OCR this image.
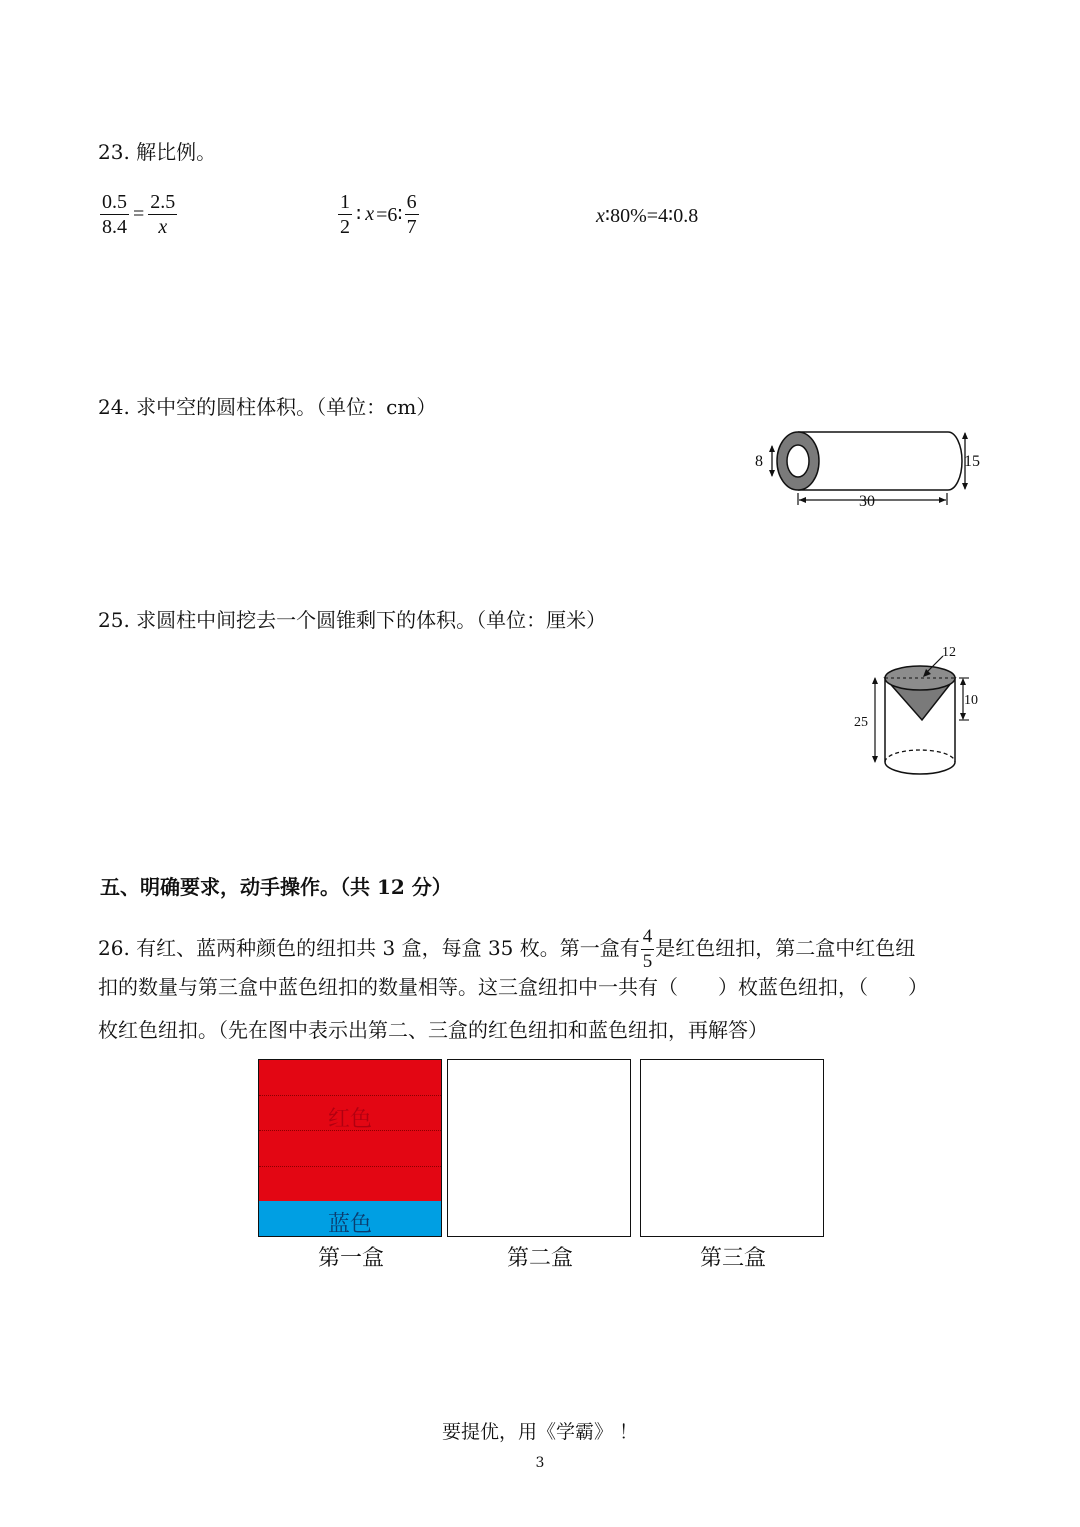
23. 解比例。
$\frac{0.5}{8.4} = \frac{2.5}{x}$	$\frac{1}{2}$ ∶ x =6∶ $\frac{6}{7}$	x∶80%=4∶0.8
24. 求中空的圆柱体积。（单位：cm）
8	15
30
25. 求圆柱中间挖去一个圆锥剩下的体积。（单位：厘米）
12
10
25
五、明确要求，动手操作。（共 12 分）
26. 有红、蓝两种颜色的纽扣共 3 盒，每盒 35 枚。第一盒有 $\frac{4}{5}$ 是红色纽扣，第二盒中红色纽
扣的数量与第三盒中蓝色纽扣的数量相等。这三盒纽扣中一共有（　　）枚蓝色纽扣，（　　）
枚红色纽扣。（先在图中表示出第二、三盒的红色纽扣和蓝色纽扣，再解答）
红色
蓝色
第一盒	第二盒	第三盒
要提优，用《学霸》 ！
3
